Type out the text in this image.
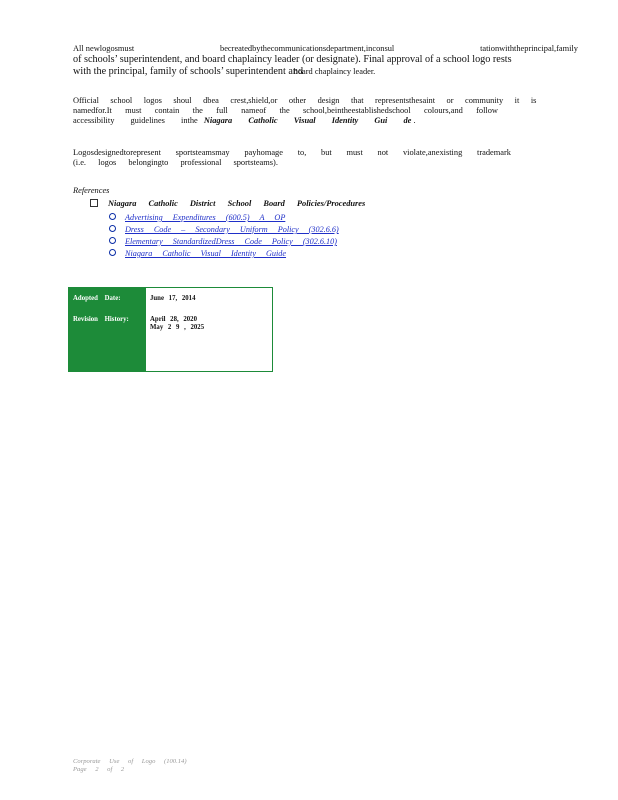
All newlogosmust	becreatedbythecommunicationsdepartment,inconsul	tationwiththeprincipal,family
of schools’ superintendent, and board chaplaincy leader (or designate). Final approval of a school logo rests
with the principal, family of schools’ superintendent and board chaplaincy leader.
Official school logos shoul dbea crest,shield,or other design that representsthesaint or community it is
namedfor.It must contain the full nameof the school,beintheestablishedschool colours,and follow
accessibility guidelines inthe Niagara Catholic Visual Identity Gui de .
Logosdesignedtorepresent sportsteamsmay payhomage to, but must not violate,anexisting trademark
(i.e. logos belongingto professional sportsteams).
References
Niagara Catholic District School Board Policies/Procedures
Advertising Expenditures (600.5) A OP
Dress Code – Secondary Uniform Policy (302.6.6)
Elementary StandardizedDress Code Policy (302.6.10)
Niagara Catholic Visual Identity Guide
Adopted Date:
Revision History:
June 17, 2014
April 28, 2020
May 2 9 , 2025
Corporate Use of Logo (100.14)
Page 2 of 2
